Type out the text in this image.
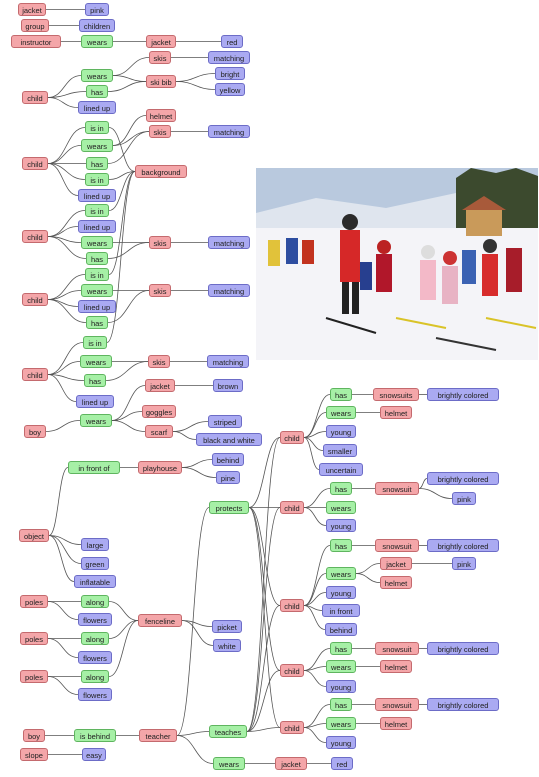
jacket	pink
group	children
instructor	wears	jacket	red
skis	matching
wears
ski bib
bright
child
has	yellow
lined up
helmet
is in	skis	matching
wears
child	has
background
is in
lined up
is in
lined up
child
wears	skis	matching
has
is in
child
wears	skis	matching
lined up
has
is in
child
wears	skis	matching
has
jacket	brown
lined up
goggles
boy
wears	striped
scarf
black and white
in front of	playhouse
behind
pine
object
large
green
inflatable
protects
poles	along
flowers	fenceline
picket
white
poles	along
flowers
poles	along
flowers
boy	is behind	teacher	teaches
slope	easy
wears	jacket	red
child
has	snowsuits	brightly colored
wears	helmet
young
smaller
uncertain
child
has	snowsuit
brightly colored
pink
wears
young
child
has	snowsuit	brightly colored
wears
jacket	pink
helmet
young
in front
behind
child
has	snowsuit	brightly colored
wears	helmet
young
child
has	snowsuit	brightly colored
wears	helmet
young
